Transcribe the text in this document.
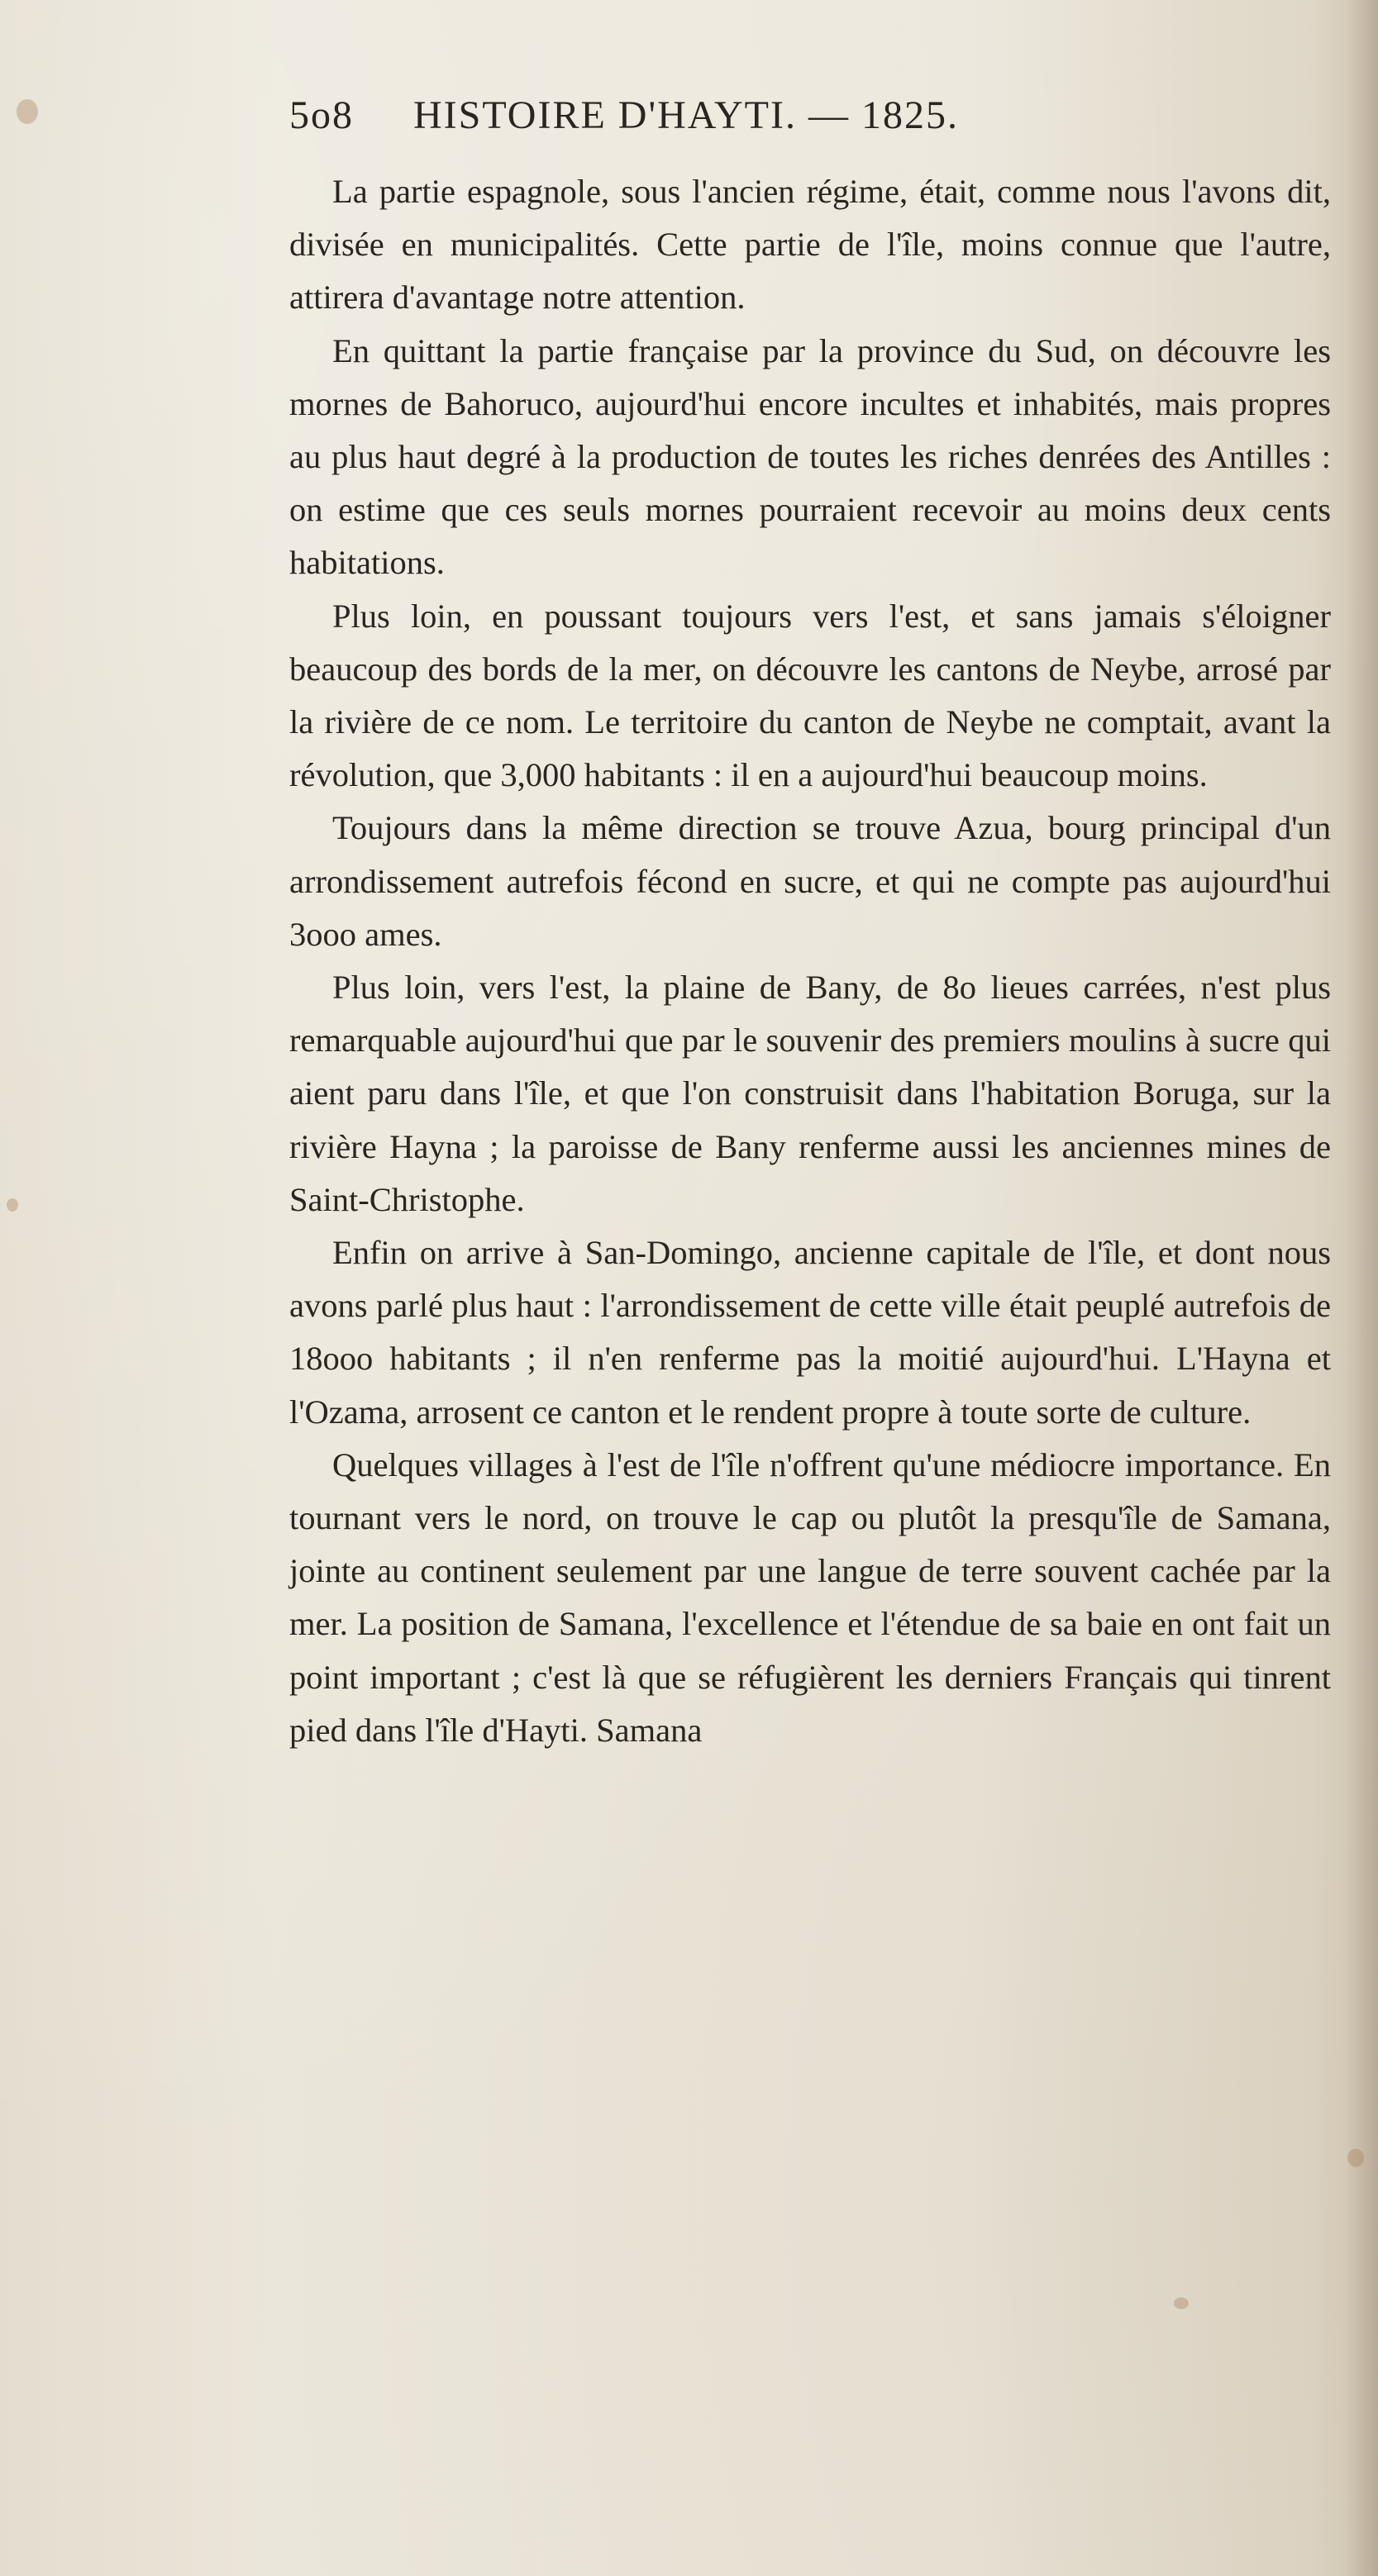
5o8 HISTOIRE D'HAYTI. — 1825.

La partie espagnole, sous l'ancien régime, était, comme nous l'avons dit, divisée en municipalités. Cette partie de l'île, moins connue que l'autre, attirera d'avantage notre attention.

En quittant la partie française par la province du Sud, on découvre les mornes de Bahoruco, aujourd'hui encore incultes et inhabités, mais propres au plus haut degré à la production de toutes les riches denrées des Antilles : on estime que ces seuls mornes pourraient recevoir au moins deux cents habitations.

Plus loin, en poussant toujours vers l'est, et sans jamais s'éloigner beaucoup des bords de la mer, on découvre les cantons de Neybe, arrosé par la rivière de ce nom. Le territoire du canton de Neybe ne comptait, avant la révolution, que 3,000 habitants : il en a aujourd'hui beaucoup moins.

Toujours dans la même direction se trouve Azua, bourg principal d'un arrondissement autrefois fécond en sucre, et qui ne compte pas aujourd'hui 3ooo ames.

Plus loin, vers l'est, la plaine de Bany, de 8o lieues carrées, n'est plus remarquable aujourd'hui que par le souvenir des premiers moulins à sucre qui aient paru dans l'île, et que l'on construisit dans l'habitation Boruga, sur la rivière Hayna ; la paroisse de Bany renferme aussi les anciennes mines de Saint-Christophe.

Enfin on arrive à San-Domingo, ancienne capitale de l'île, et dont nous avons parlé plus haut : l'arrondissement de cette ville était peuplé autrefois de 18ooo habitants ; il n'en renferme pas la moitié aujourd'hui. L'Hayna et l'Ozama, arrosent ce canton et le rendent propre à toute sorte de culture.

Quelques villages à l'est de l'île n'offrent qu'une médiocre importance. En tournant vers le nord, on trouve le cap ou plutôt la presqu'île de Samana, jointe au continent seulement par une langue de terre souvent cachée par la mer. La position de Samana, l'excellence et l'étendue de sa baie en ont fait un point important ; c'est là que se réfugièrent les derniers Français qui tinrent pied dans l'île d'Hayti. Samana
